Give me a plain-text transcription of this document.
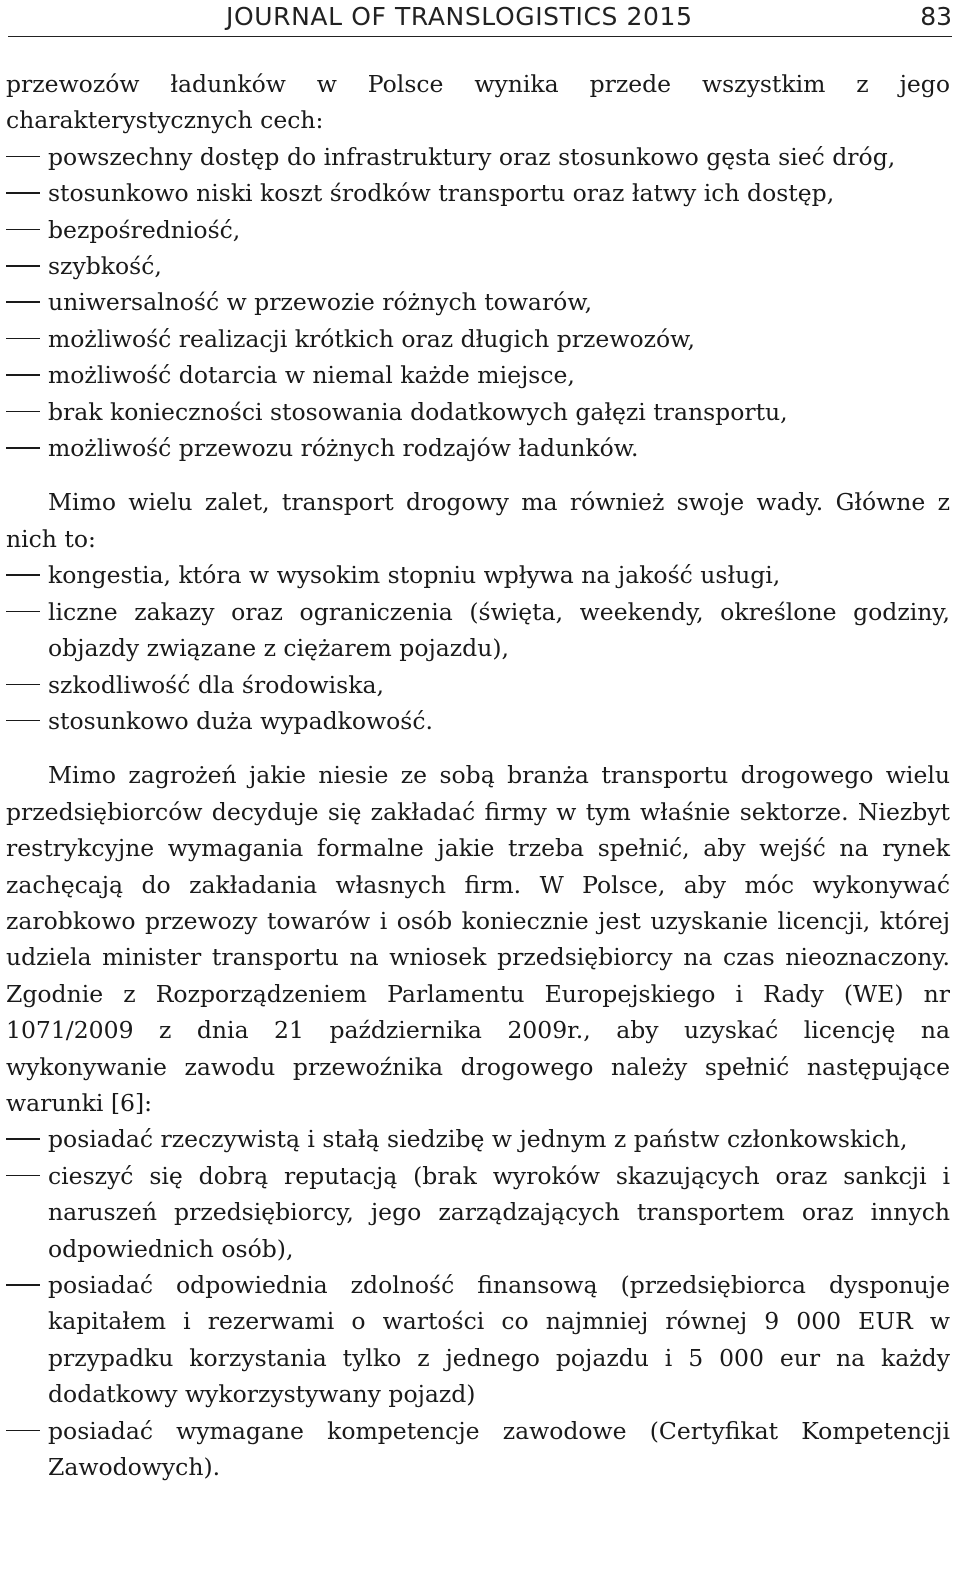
JOURNAL OF TRANSLOGISTICS 2015	83

przewozów ładunków w Polsce wynika przede wszystkim z jego charakterystycznych cech:

powszechny dostęp do infrastruktury oraz stosunkowo gęsta sieć dróg,
stosunkowo niski koszt środków transportu oraz łatwy ich dostęp,
bezpośredniość,
szybkość,
uniwersalność w przewozie różnych towarów,
możliwość realizacji krótkich oraz długich przewozów,
możliwość dotarcia w niemal każde miejsce,
brak konieczności stosowania dodatkowych gałęzi transportu,
możliwość przewozu różnych rodzajów ładunków.

Mimo wielu zalet, transport drogowy ma również swoje wady. Główne z nich to:

kongestia, która w wysokim stopniu wpływa na jakość usługi,
liczne zakazy oraz ograniczenia (święta, weekendy, określone godziny, objazdy związane z ciężarem pojazdu),
szkodliwość dla środowiska,
stosunkowo duża wypadkowość.

Mimo zagrożeń jakie niesie ze sobą branża transportu drogowego wielu przedsiębiorców decyduje się zakładać firmy w tym właśnie sektorze. Niezbyt restrykcyjne wymagania formalne jakie trzeba spełnić, aby wejść na rynek zachęcają do zakładania własnych firm. W Polsce, aby móc wykonywać zarobkowo przewozy towarów i osób koniecznie jest uzyskanie licencji, której udziela minister transportu na wniosek przedsiębiorcy na czas nieoznaczony. Zgodnie z Rozporządzeniem Parlamentu Europejskiego i Rady (WE) nr 1071/2009 z dnia 21 października 2009r., aby uzyskać licencję na wykonywanie zawodu przewoźnika drogowego należy spełnić następujące warunki [6]:

posiadać rzeczywistą i stałą siedzibę w jednym z państw członkowskich,
cieszyć się dobrą reputacją (brak wyroków skazujących oraz sankcji i naruszeń przedsiębiorcy, jego zarządzających transportem oraz innych odpowiednich osób),
posiadać odpowiednia zdolność finansową (przedsiębiorca dysponuje kapitałem i rezerwami o wartości co najmniej równej 9 000 EUR w przypadku korzystania tylko z jednego pojazdu i 5 000 eur na każdy dodatkowy wykorzystywany pojazd)
posiadać wymagane kompetencje zawodowe (Certyfikat Kompetencji Zawodowych).
